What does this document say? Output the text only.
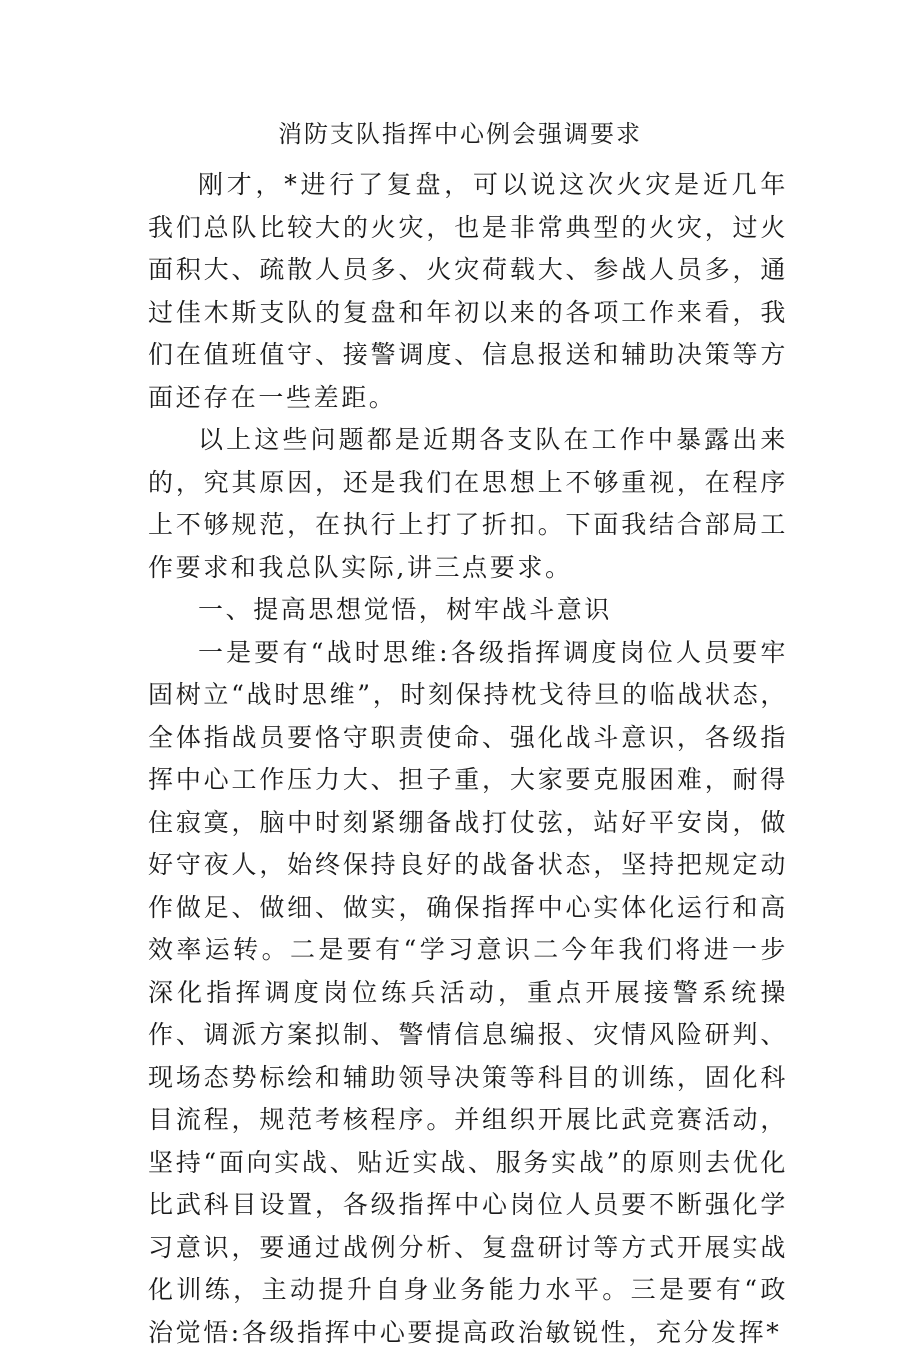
消防支队指挥中心例会强调要求

刚才，*进行了复盘，可以说这次火灾是近几年我们总队比较大的火灾，也是非常典型的火灾，过火面积大、疏散人员多、火灾荷载大、参战人员多，通过佳木斯支队的复盘和年初以来的各项工作来看，我们在值班值守、接警调度、信息报送和辅助决策等方面还存在一些差距。

以上这些问题都是近期各支队在工作中暴露出来的，究其原因，还是我们在思想上不够重视，在程序上不够规范，在执行上打了折扣。下面我结合部局工作要求和我总队实际,讲三点要求。

一、提高思想觉悟，树牢战斗意识

一是要有“战时思维:各级指挥调度岗位人员要牢固树立“战时思维”，时刻保持枕戈待旦的临战状态，全体指战员要恪守职责使命、强化战斗意识，各级指挥中心工作压力大、担子重，大家要克服困难，耐得住寂寞，脑中时刻紧绷备战打仗弦，站好平安岗，做好守夜人，始终保持良好的战备状态，坚持把规定动作做足、做细、做实，确保指挥中心实体化运行和高效率运转。二是要有“学习意识二今年我们将进一步深化指挥调度岗位练兵活动，重点开展接警系统操作、调派方案拟制、警情信息编报、灾情风险研判、现场态势标绘和辅助领导决策等科目的训练，固化科目流程，规范考核程序。并组织开展比武竞赛活动，坚持“面向实战、贴近实战、服务实战”的原则去优化比武科目设置，各级指挥中心岗位人员要不断强化学习意识，要通过战例分析、复盘研讨等方式开展实战化训练，主动提升自身业务能力水平。三是要有“政治觉悟:各级指挥中心要提高政治敏锐性，充分发挥*
